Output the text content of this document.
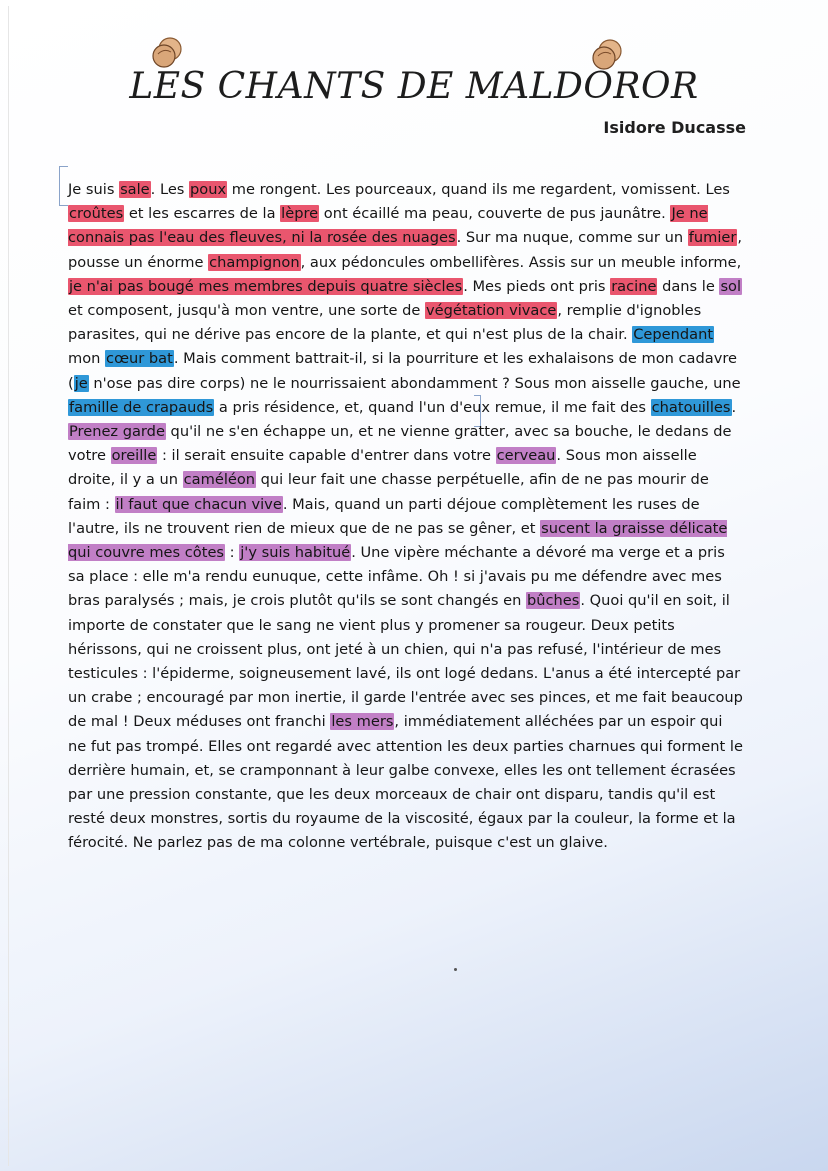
LES CHANTS DE MALDOROR

Isidore Ducasse

Je suis sale. Les poux me rongent. Les pourceaux, quand ils me regardent, vomissent. Les croûtes et les escarres de la lèpre ont écaillé ma peau, couverte de pus jaunâtre. Je ne connais pas l'eau des fleuves, ni la rosée des nuages. Sur ma nuque, comme sur un fumier, pousse un énorme champignon, aux pédoncules ombellifères. Assis sur un meuble informe, je n'ai pas bougé mes membres depuis quatre siècles. Mes pieds ont pris racine dans le sol et composent, jusqu'à mon ventre, une sorte de végétation vivace, remplie d'ignobles parasites, qui ne dérive pas encore de la plante, et qui n'est plus de la chair. Cependant mon cœur bat. Mais comment battrait-il, si la pourriture et les exhalaisons de mon cadavre (je n'ose pas dire corps) ne le nourrissaient abondamment ? Sous mon aisselle gauche, une famille de crapauds a pris résidence, et, quand l'un d'eux remue, il me fait des chatouilles. Prenez garde qu'il ne s'en échappe un, et ne vienne gratter, avec sa bouche, le dedans de votre oreille : il serait ensuite capable d'entrer dans votre cerveau. Sous mon aisselle droite, il y a un caméléon qui leur fait une chasse perpétuelle, afin de ne pas mourir de faim : il faut que chacun vive. Mais, quand un parti déjoue complètement les ruses de l'autre, ils ne trouvent rien de mieux que de ne pas se gêner, et sucent la graisse délicate qui couvre mes côtes : j'y suis habitué. Une vipère méchante a dévoré ma verge et a pris sa place : elle m'a rendu eunuque, cette infâme. Oh ! si j'avais pu me défendre avec mes bras paralysés ; mais, je crois plutôt qu'ils se sont changés en bûches. Quoi qu'il en soit, il importe de constater que le sang ne vient plus y promener sa rougeur. Deux petits hérissons, qui ne croissent plus, ont jeté à un chien, qui n'a pas refusé, l'intérieur de mes testicules : l'épiderme, soigneusement lavé, ils ont logé dedans. L'anus a été intercepté par un crabe ; encouragé par mon inertie, il garde l'entrée avec ses pinces, et me fait beaucoup de mal ! Deux méduses ont franchi les mers, immédiatement alléchées par un espoir qui ne fut pas trompé. Elles ont regardé avec attention les deux parties charnues qui forment le derrière humain, et, se cramponnant à leur galbe convexe, elles les ont tellement écrasées par une pression constante, que les deux morceaux de chair ont disparu, tandis qu'il est resté deux monstres, sortis du royaume de la viscosité, égaux par la couleur, la forme et la férocité. Ne parlez pas de ma colonne vertébrale, puisque c'est un glaive.
